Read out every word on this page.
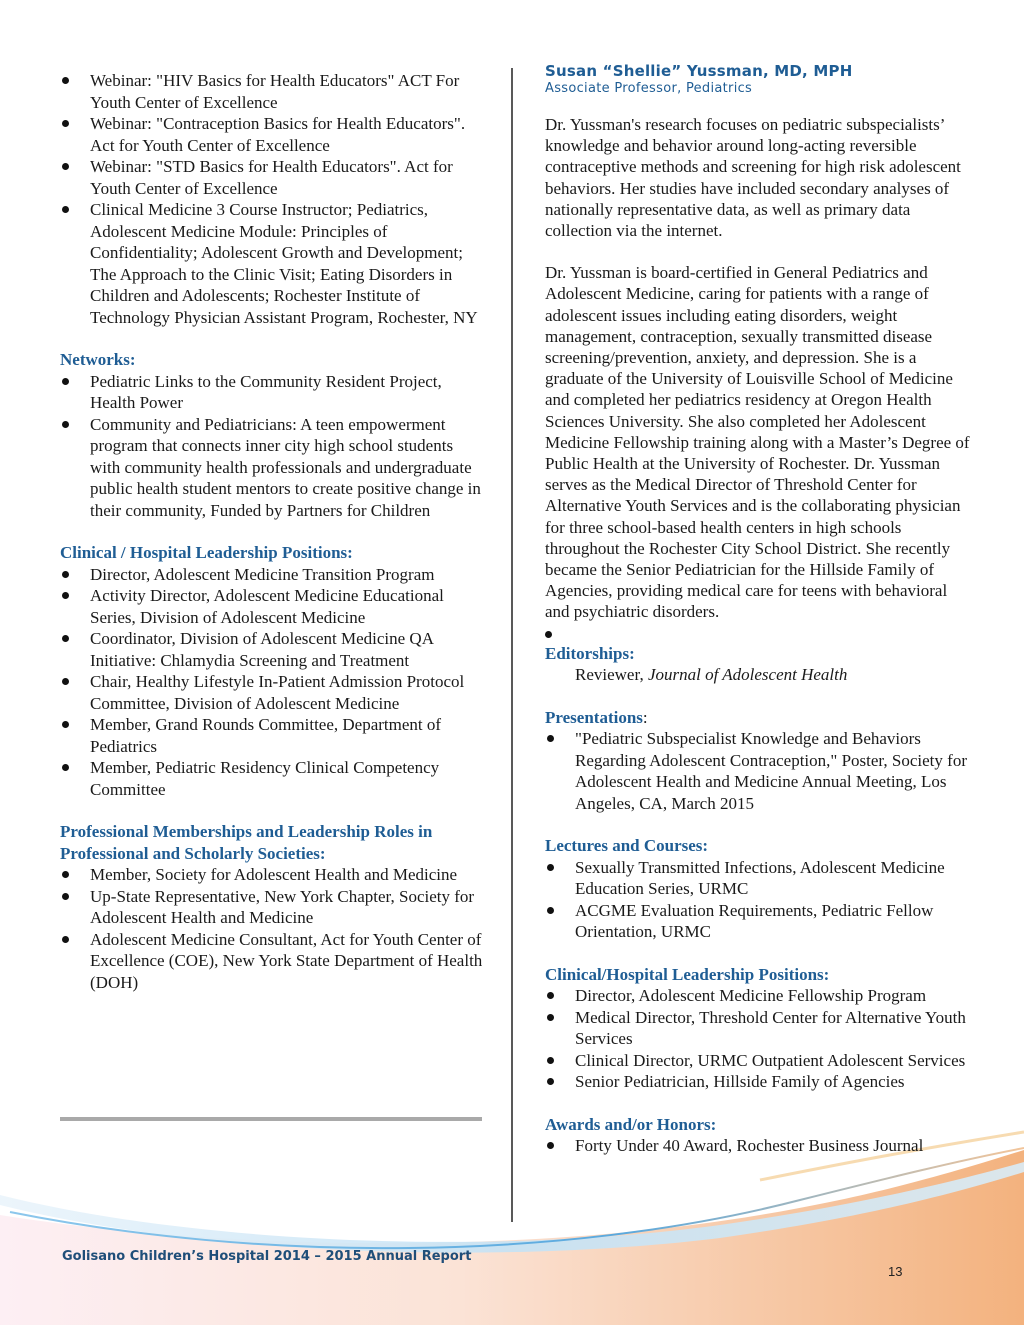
Webinar: "HIV Basics for Health Educators" ACT For Youth Center of Excellence
Webinar: "Contraception Basics for Health Educators". Act for Youth Center of Excellence
Webinar: "STD Basics for Health Educators". Act for Youth Center of Excellence
Clinical Medicine 3 Course Instructor; Pediatrics, Adolescent Medicine Module: Principles of Confidentiality; Adolescent Growth and Development; The Approach to the Clinic Visit; Eating Disorders in Children and Adolescents; Rochester Institute of Technology Physician Assistant Program, Rochester, NY
Networks:
Pediatric Links to the Community Resident Project, Health Power
Community and Pediatricians: A teen empowerment program that connects inner city high school students with community health professionals and undergraduate public health student mentors to create positive change in their community, Funded by Partners for Children
Clinical / Hospital Leadership Positions:
Director, Adolescent Medicine Transition Program
Activity Director, Adolescent Medicine Educational Series, Division of Adolescent Medicine
Coordinator, Division of Adolescent Medicine QA Initiative: Chlamydia Screening and Treatment
Chair, Healthy Lifestyle In-Patient Admission Protocol Committee, Division of Adolescent Medicine
Member, Grand Rounds Committee, Department of Pediatrics
Member, Pediatric Residency Clinical Competency Committee
Professional Memberships and Leadership Roles in Professional and Scholarly Societies:
Member, Society for Adolescent Health and Medicine
Up-State Representative, New York Chapter, Society for Adolescent Health and Medicine
Adolescent Medicine Consultant, Act for Youth Center of Excellence (COE), New York State Department of Health (DOH)
Susan “Shellie” Yussman, MD, MPH
Associate Professor, Pediatrics

Dr. Yussman's research focuses on pediatric subspecialists’ knowledge and behavior around long-acting reversible contraceptive methods and screening for high risk adolescent behaviors. Her studies have included secondary analyses of nationally representative data, as well as primary data collection via the internet.

Dr. Yussman is board-certified in General Pediatrics and Adolescent Medicine, caring for patients with a range of adolescent issues including eating disorders, weight management, contraception, sexually transmitted disease screening/prevention, anxiety, and depression. She is a graduate of the University of Louisville School of Medicine and completed her pediatrics residency at Oregon Health Sciences University. She also completed her Adolescent Medicine Fellowship training along with a Master’s Degree of Public Health at the University of Rochester. Dr. Yussman serves as the Medical Director of Threshold Center for Alternative Youth Services and is the collaborating physician for three school-based health centers in high schools throughout the Rochester City School District. She recently became the Senior Pediatrician for the Hillside Family of Agencies, providing medical care for teens with behavioral and psychiatric disorders.

Editorships:
Reviewer, Journal of Adolescent Health
Presentations:
"Pediatric Subspecialist Knowledge and Behaviors Regarding Adolescent Contraception," Poster, Society for Adolescent Health and Medicine Annual Meeting, Los Angeles, CA, March 2015
Lectures and Courses:
Sexually Transmitted Infections, Adolescent Medicine Education Series, URMC
ACGME Evaluation Requirements, Pediatric Fellow Orientation, URMC
Clinical/Hospital Leadership Positions:
Director, Adolescent Medicine Fellowship Program
Medical Director, Threshold Center for Alternative Youth Services
Clinical Director, URMC Outpatient Adolescent Services
Senior Pediatrician, Hillside Family of Agencies
Awards and/or Honors:
Forty Under 40 Award, Rochester Business Journal
Golisano Children’s Hospital 2014 – 2015 Annual Report
13
